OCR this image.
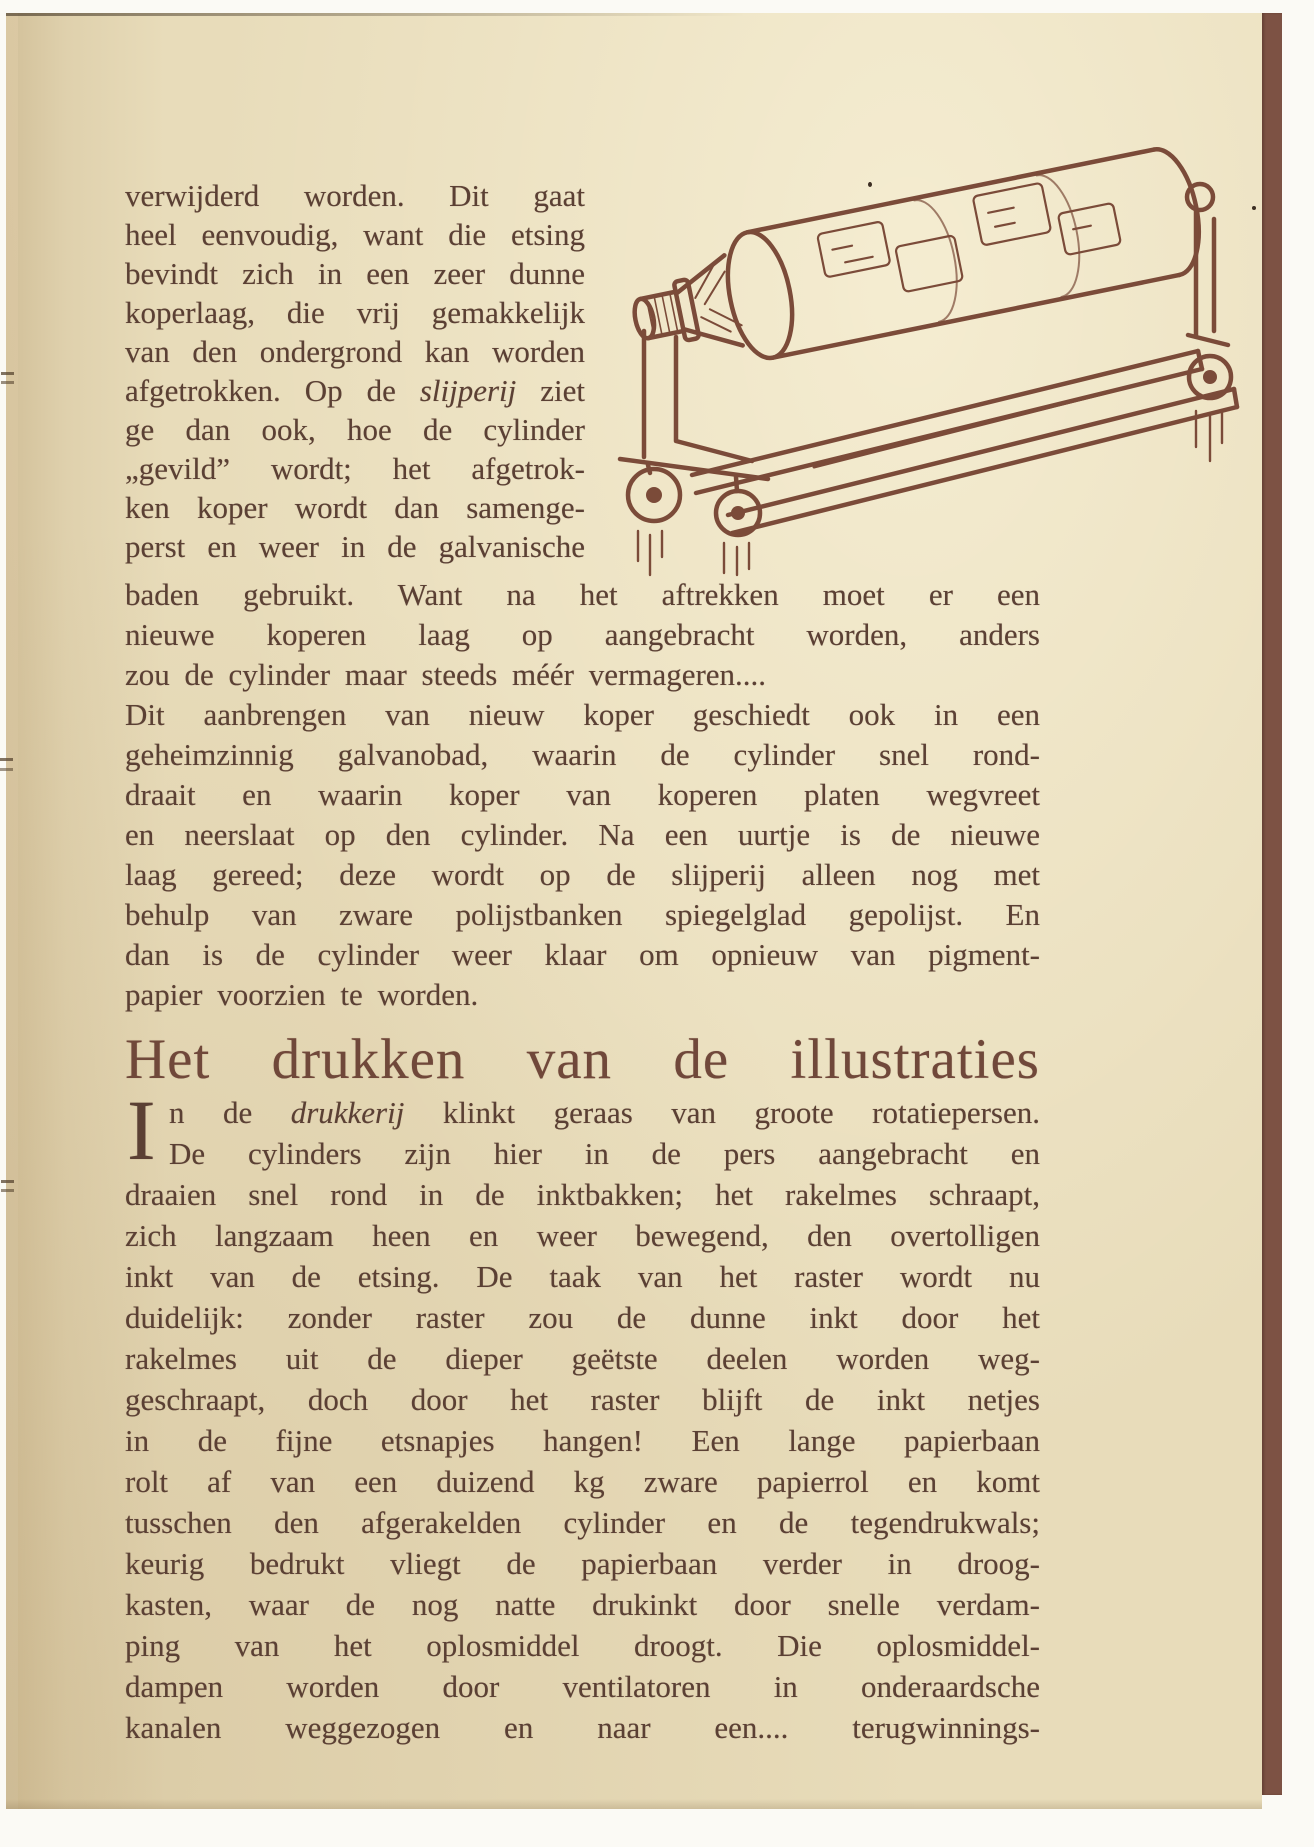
verwijderd worden. Dit gaat
heel eenvoudig, want die etsing
bevindt zich in een zeer dunne
koperlaag, die vrij gemakkelijk
van den ondergrond kan worden
afgetrokken. Op de slijperij ziet
ge dan ook, hoe de cylinder
„gevild” wordt; het afgetrok-
ken koper wordt dan samenge-
perst en weer in de galvanische
baden gebruikt. Want na het aftrekken moet er een
nieuwe koperen laag op aangebracht worden, anders
zou de cylinder maar steeds méér vermageren....
Dit aanbrengen van nieuw koper geschiedt ook in een
geheimzinnig galvanobad, waarin de cylinder snel rond-
draait en waarin koper van koperen platen wegvreet
en neerslaat op den cylinder. Na een uurtje is de nieuwe
laag gereed; deze wordt op de slijperij alleen nog met
behulp van zware polijstbanken spiegelglad gepolijst. En
dan is de cylinder weer klaar om opnieuw van pigment-
papier voorzien te worden.
Het drukken van de illustraties
I n de drukkerij klinkt geraas van groote rotatiepersen.
De cylinders zijn hier in de pers aangebracht en
draaien snel rond in de inktbakken; het rakelmes schraapt,
zich langzaam heen en weer bewegend, den overtolligen
inkt van de etsing. De taak van het raster wordt nu
duidelijk: zonder raster zou de dunne inkt door het
rakelmes uit de dieper geëtste deelen worden weg-
geschraapt, doch door het raster blijft de inkt netjes
in de fijne etsnapjes hangen! Een lange papierbaan
rolt af van een duizend kg zware papierrol en komt
tusschen den afgerakelden cylinder en de tegendrukwals;
keurig bedrukt vliegt de papierbaan verder in droog-
kasten, waar de nog natte drukinkt door snelle verdam-
ping van het oplosmiddel droogt. Die oplosmiddel-
dampen worden door ventilatoren in onderaardsche
kanalen weggezogen en naar een.... terugwinnings-
